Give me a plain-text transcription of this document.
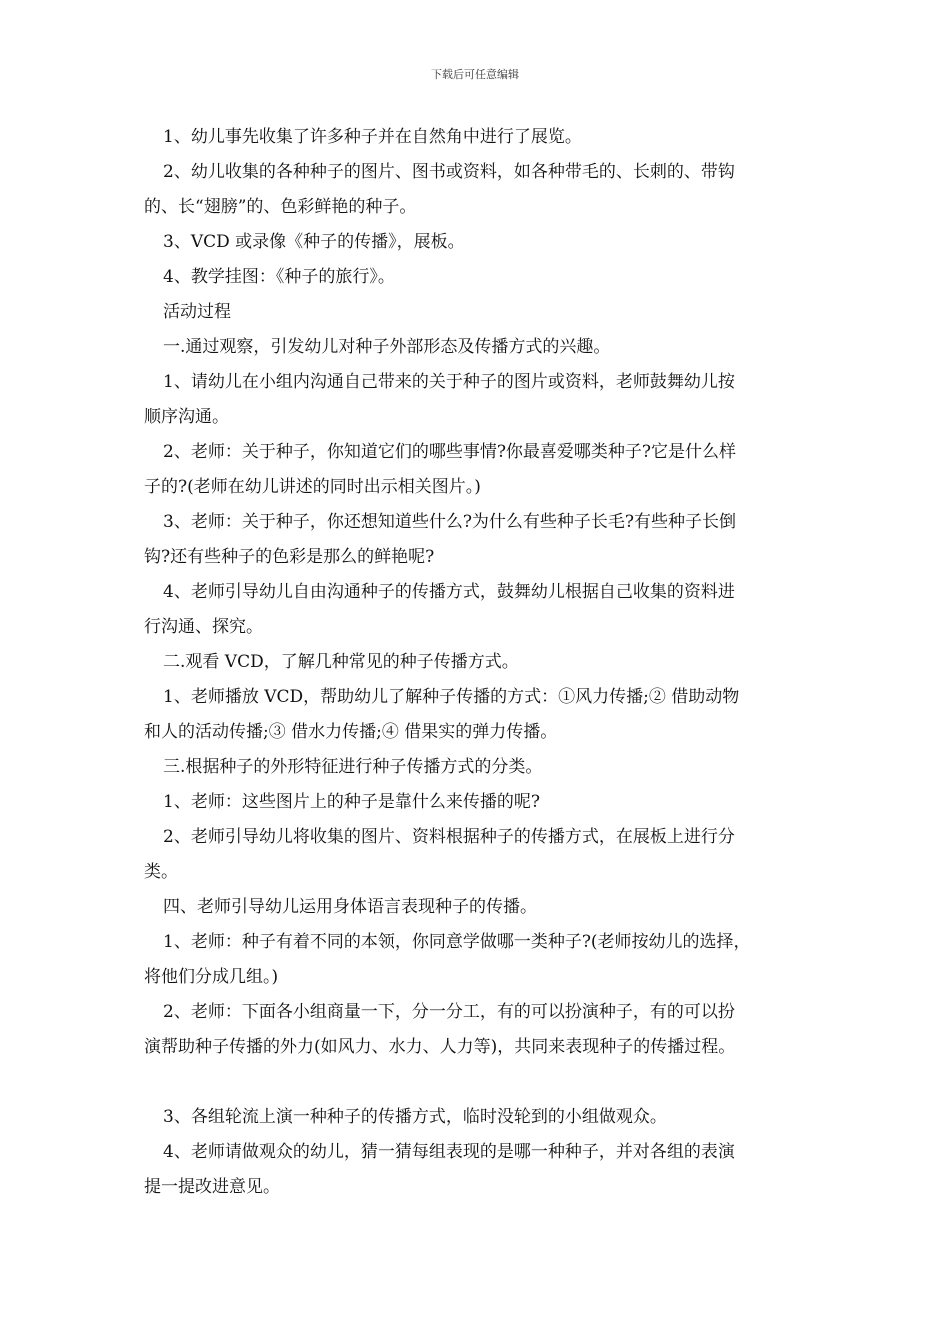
下载后可任意编辑
1、幼儿事先收集了许多种子并在自然角中进行了展览。
2、幼儿收集的各种种子的图片、图书或资料，如各种带毛的、长刺的、带钩
的、长“翅膀”的、色彩鲜艳的种子。
3、VCD 或录像《种子的传播》，展板。
4、教学挂图：《种子的旅行》。
活动过程
一.通过观察，引发幼儿对种子外部形态及传播方式的兴趣。
1、请幼儿在小组内沟通自己带来的关于种子的图片或资料，老师鼓舞幼儿按
顺序沟通。
2、老师：关于种子，你知道它们的哪些事情?你最喜爱哪类种子?它是什么样
子的?(老师在幼儿讲述的同时出示相关图片。)
3、老师：关于种子，你还想知道些什么?为什么有些种子长毛?有些种子长倒
钩?还有些种子的色彩是那么的鲜艳呢?
4、老师引导幼儿自由沟通种子的传播方式，鼓舞幼儿根据自己收集的资料进
行沟通、探究。
二.观看 VCD，了解几种常见的种子传播方式。
1、老师播放 VCD，帮助幼儿了解种子传播的方式：①风力传播;② 借助动物
和人的活动传播;③ 借水力传播;④ 借果实的弹力传播。
三.根据种子的外形特征进行种子传播方式的分类。
1、老师：这些图片上的种子是靠什么来传播的呢?
2、老师引导幼儿将收集的图片、资料根据种子的传播方式，在展板上进行分
类。
四、老师引导幼儿运用身体语言表现种子的传播。
1、老师：种子有着不同的本领，你同意学做哪一类种子?(老师按幼儿的选择，
将他们分成几组。)
2、老师：下面各小组商量一下，分一分工，有的可以扮演种子，有的可以扮
演帮助种子传播的外力(如风力、水力、人力等)，共同来表现种子的传播过程。
3、各组轮流上演一种种子的传播方式，临时没轮到的小组做观众。
4、老师请做观众的幼儿，猜一猜每组表现的是哪一种种子，并对各组的表演
提一提改进意见。
